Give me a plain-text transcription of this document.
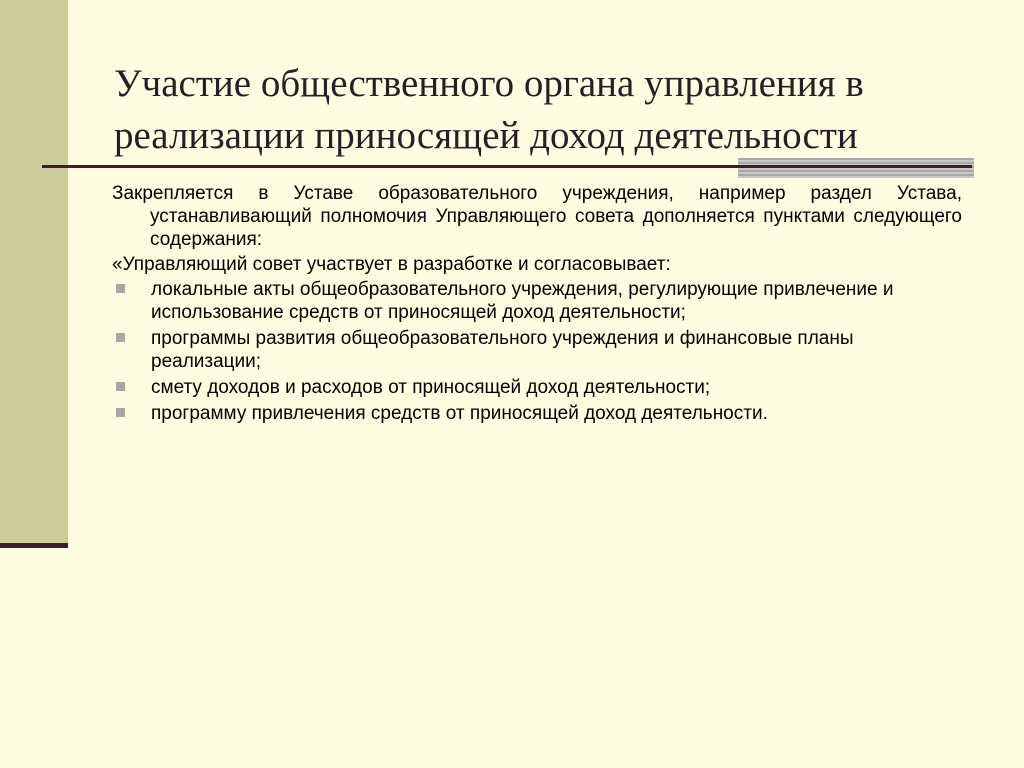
Участие общественного органа управления в реализации приносящей доход деятельности

Закрепляется в Уставе образовательного учреждения, например раздел Устава, устанавливающий полномочия Управляющего совета дополняется пунктами следующего содержания:

«Управляющий совет участвует в разработке и согласовывает:

локальные акты общеобразовательного учреждения, регулирующие привлечение и использование средств от приносящей доход деятельности;
программы развития общеобразовательного учреждения и финансовые планы реализации;
смету доходов и расходов от приносящей доход деятельности;
программу привлечения средств от приносящей доход деятельности.
